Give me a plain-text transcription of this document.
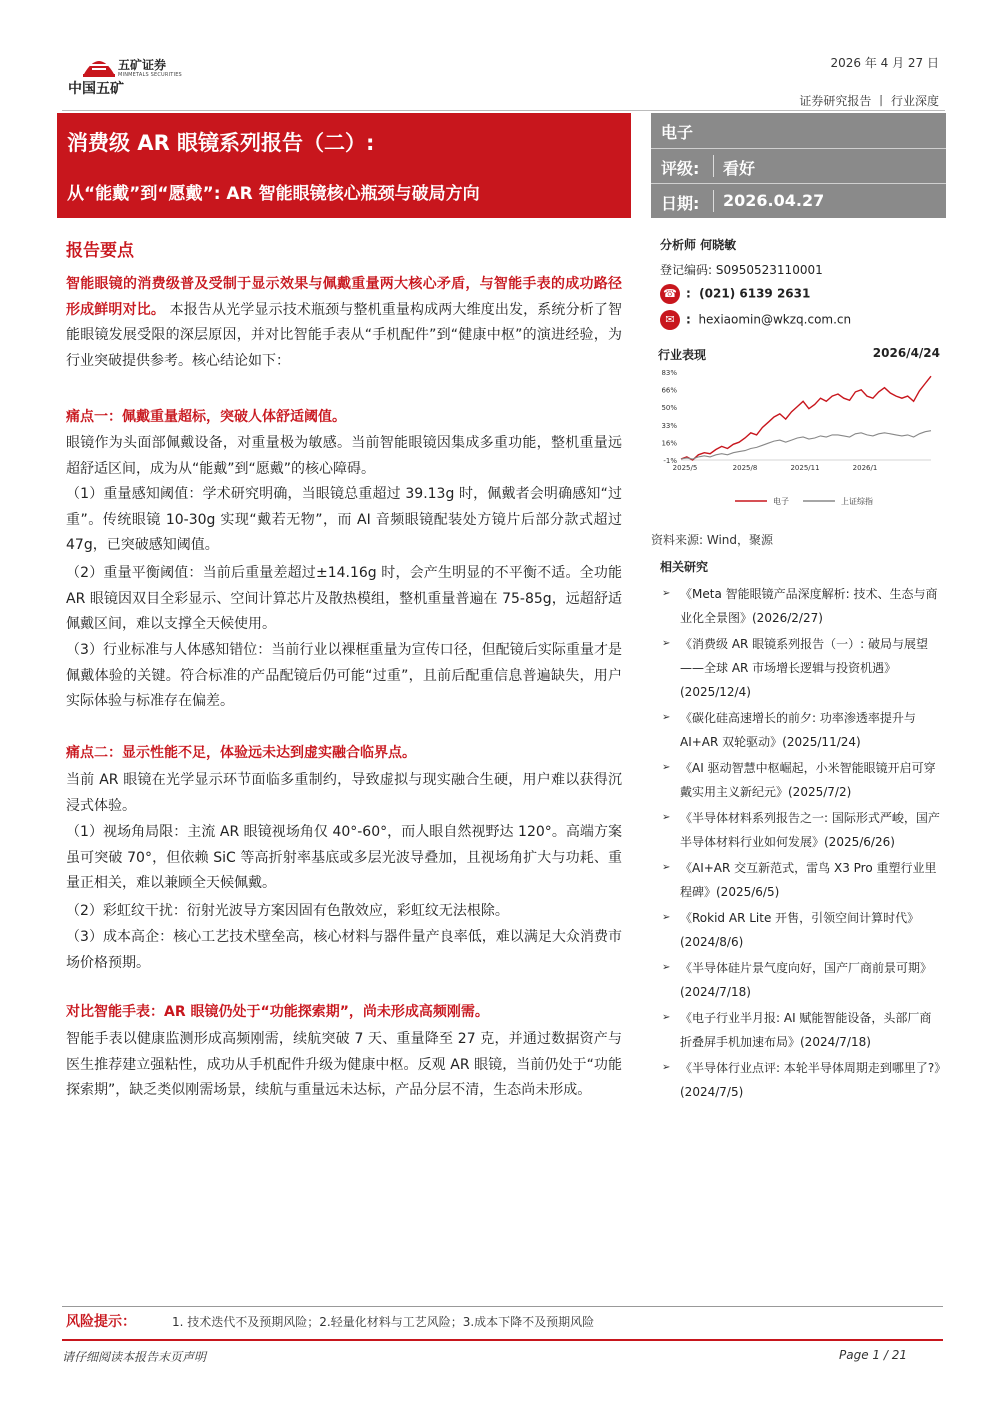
中国五矿
五矿证券
MINMETALS SECURITIES
2026 年 4 月 27 日
证券研究报告 丨 行业深度
消费级 AR 眼镜系列报告（二）:
从“能戴”到“愿戴”: AR 智能眼镜核心瓶颈与破局方向
电子
评级: 看好
日期: 2026.04.27
分析师 何晓敏
登记编码: S0950523110001
☎ : (021) 6139 2631
✉ : hexiaomin@wkzq.com.cn
行业表现	2026/4/24
83%
66%
50%
33%
16%
-1%
2025/5	2025/8	2025/11	2026/1
电子	上证综指
资料来源: Wind，聚源
相关研究
➢ 《Meta 智能眼镜产品深度解析: 技术、生态与商业化全景图》(2026/2/27)
➢ 《消费级 AR 眼镜系列报告（一）: 破局与展望——全球 AR 市场增长逻辑与投资机遇》(2025/12/4)
➢ 《碳化硅高速增长的前夕: 功率渗透率提升与 AI+AR 双轮驱动》(2025/11/24)
➢ 《AI 驱动智慧中枢崛起，小米智能眼镜开启可穿戴实用主义新纪元》(2025/7/2)
➢ 《半导体材料系列报告之一: 国际形式严峻，国产半导体材料行业如何发展》(2025/6/26)
➢ 《AI+AR 交互新范式，雷鸟 X3 Pro 重塑行业里程碑》(2025/6/5)
➢ 《Rokid AR Lite 开售，引领空间计算时代》(2024/8/6)
➢ 《半导体硅片景气度向好，国产厂商前景可期》(2024/7/18)
➢ 《电子行业半月报: AI 赋能智能设备，头部厂商折叠屏手机加速布局》(2024/7/18)
➢ 《半导体行业点评: 本轮半导体周期走到哪里了?》(2024/7/5)
报告要点
智能眼镜的消费级普及受制于显示效果与佩戴重量两大核心矛盾，与智能手表的成功路径形成鲜明对比。 本报告从光学显示技术瓶颈与整机重量构成两大维度出发，系统分析了智能眼镜发展受限的深层原因，并对比智能手表从“手机配件”到“健康中枢”的演进经验，为行业突破提供参考。核心结论如下：
痛点一：佩戴重量超标，突破人体舒适阈值。
眼镜作为头面部佩戴设备，对重量极为敏感。当前智能眼镜因集成多重功能，整机重量远超舒适区间，成为从“能戴”到“愿戴”的核心障碍。
（1）重量感知阈值：学术研究明确，当眼镜总重超过 39.13g 时，佩戴者会明确感知“过重”。传统眼镜 10-30g 实现“戴若无物”，而 AI 音频眼镜配装处方镜片后部分款式超过 47g，已突破感知阈值。
（2）重量平衡阈值：当前后重量差超过±14.16g 时，会产生明显的不平衡不适。全功能 AR 眼镜因双目全彩显示、空间计算芯片及散热模组，整机重量普遍在 75-85g，远超舒适佩戴区间，难以支撑全天候使用。
（3）行业标准与人体感知错位：当前行业以裸框重量为宣传口径，但配镜后实际重量才是佩戴体验的关键。符合标准的产品配镜后仍可能“过重”，且前后配重信息普遍缺失，用户实际体验与标准存在偏差。
痛点二：显示性能不足，体验远未达到虚实融合临界点。
当前 AR 眼镜在光学显示环节面临多重制约，导致虚拟与现实融合生硬，用户难以获得沉浸式体验。
（1）视场角局限：主流 AR 眼镜视场角仅 40°-60°，而人眼自然视野达 120°。高端方案虽可突破 70°，但依赖 SiC 等高折射率基底或多层光波导叠加，且视场角扩大与功耗、重量正相关，难以兼顾全天候佩戴。
（2）彩虹纹干扰：衍射光波导方案因固有色散效应，彩虹纹无法根除。
（3）成本高企：核心工艺技术壁垒高，核心材料与器件量产良率低，难以满足大众消费市场价格预期。
对比智能手表：AR 眼镜仍处于“功能探索期”，尚未形成高频刚需。
智能手表以健康监测形成高频刚需，续航突破 7 天、重量降至 27 克，并通过数据资产与医生推荐建立强粘性，成功从手机配件升级为健康中枢。反观 AR 眼镜，当前仍处于“功能探索期”，缺乏类似刚需场景，续航与重量远未达标，产品分层不清，生态尚未形成。
风险提示：	1. 技术迭代不及预期风险；2.轻量化材料与工艺风险；3.成本下降不及预期风险
请仔细阅读本报告末页声明	Page 1 / 21
